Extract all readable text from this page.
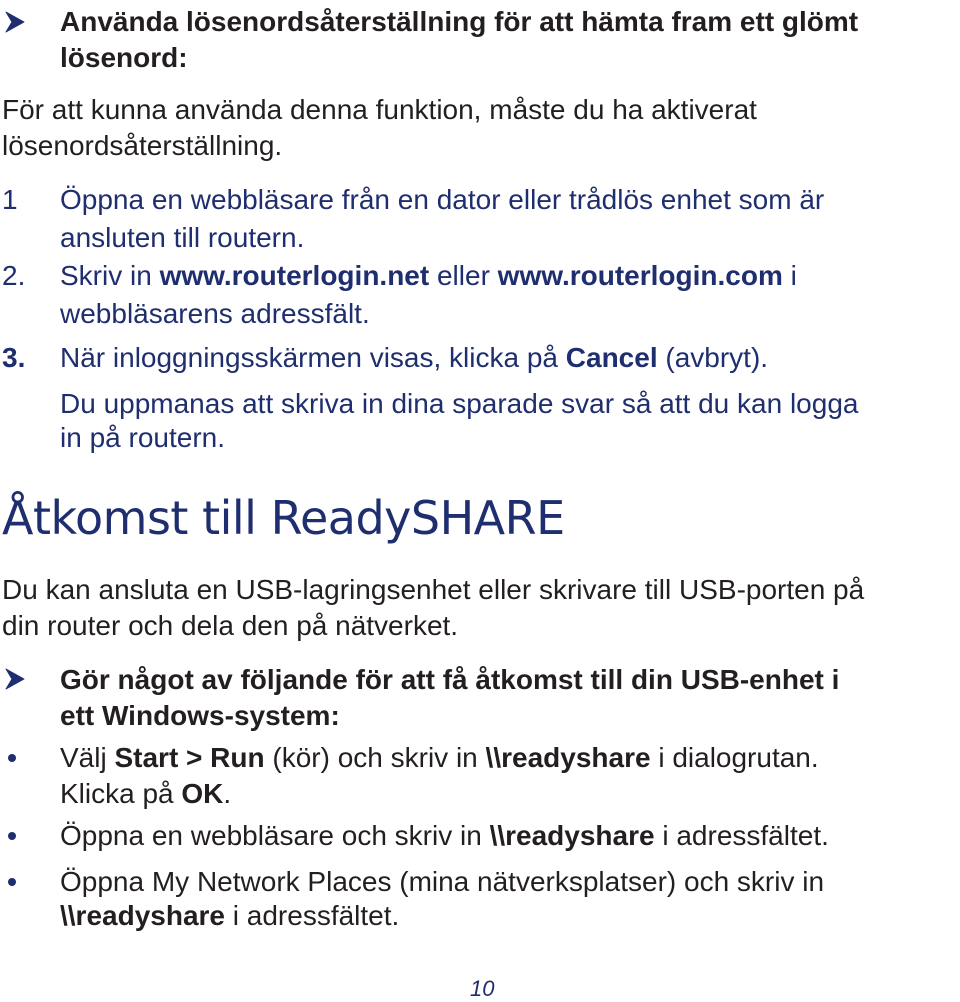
Använda lösenordsåterställning för att hämta fram ett glömt
lösenord:
För att kunna använda denna funktion, måste du ha aktiverat
lösenordsåterställning.
1 Öppna en webbläsare från en dator eller trådlös enhet som är
ansluten till routern.
2. Skriv in www.routerlogin.net eller www.routerlogin.com i
webbläsarens adressfält.
3. När inloggningsskärmen visas, klicka på Cancel (avbryt).
Du uppmanas att skriva in dina sparade svar så att du kan logga
in på routern.
Åtkomst till ReadySHARE
Du kan ansluta en USB-lagringsenhet eller skrivare till USB-porten på
din router och dela den på nätverket.
Gör något av följande för att få åtkomst till din USB-enhet i
ett Windows-system:
Välj Start > Run (kör) och skriv in \\readyshare i dialogrutan.
Klicka på OK.
Öppna en webbläsare och skriv in \\readyshare i adressfältet.
Öppna My Network Places (mina nätverksplatser) och skriv in
\\readyshare i adressfältet.
10
